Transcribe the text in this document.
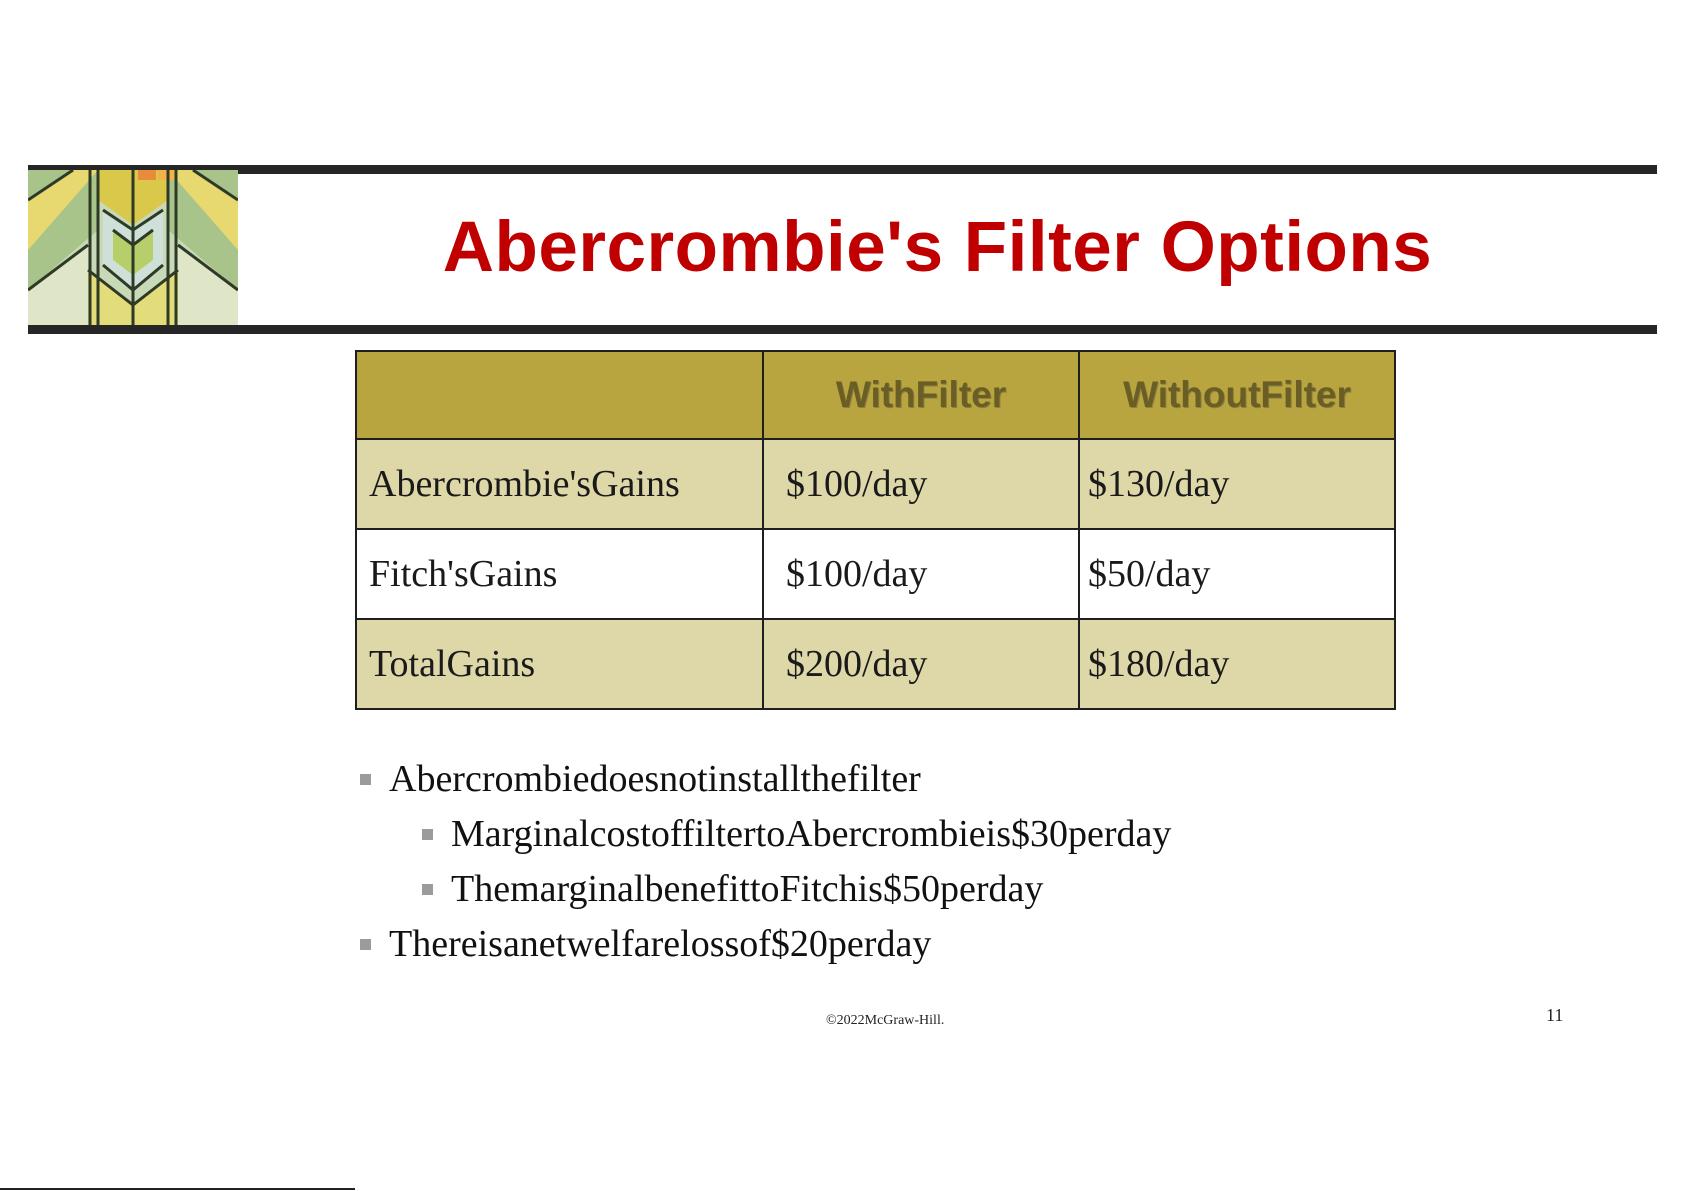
Abercrombie's Filter Options
	WithFilter	WithoutFilter
Abercrombie'sGains	$100/day	$130/day
Fitch'sGains	$100/day	$50/day
TotalGains	$200/day	$180/day
Abercrombiedoesnotinstallthefilter
MarginalcostoffiltertoAbercrombieis$30perday
ThemarginalbenefittoFitchis$50perday
Thereisanetwelfarelossof$20perday
©2022McGraw-Hill.	11
